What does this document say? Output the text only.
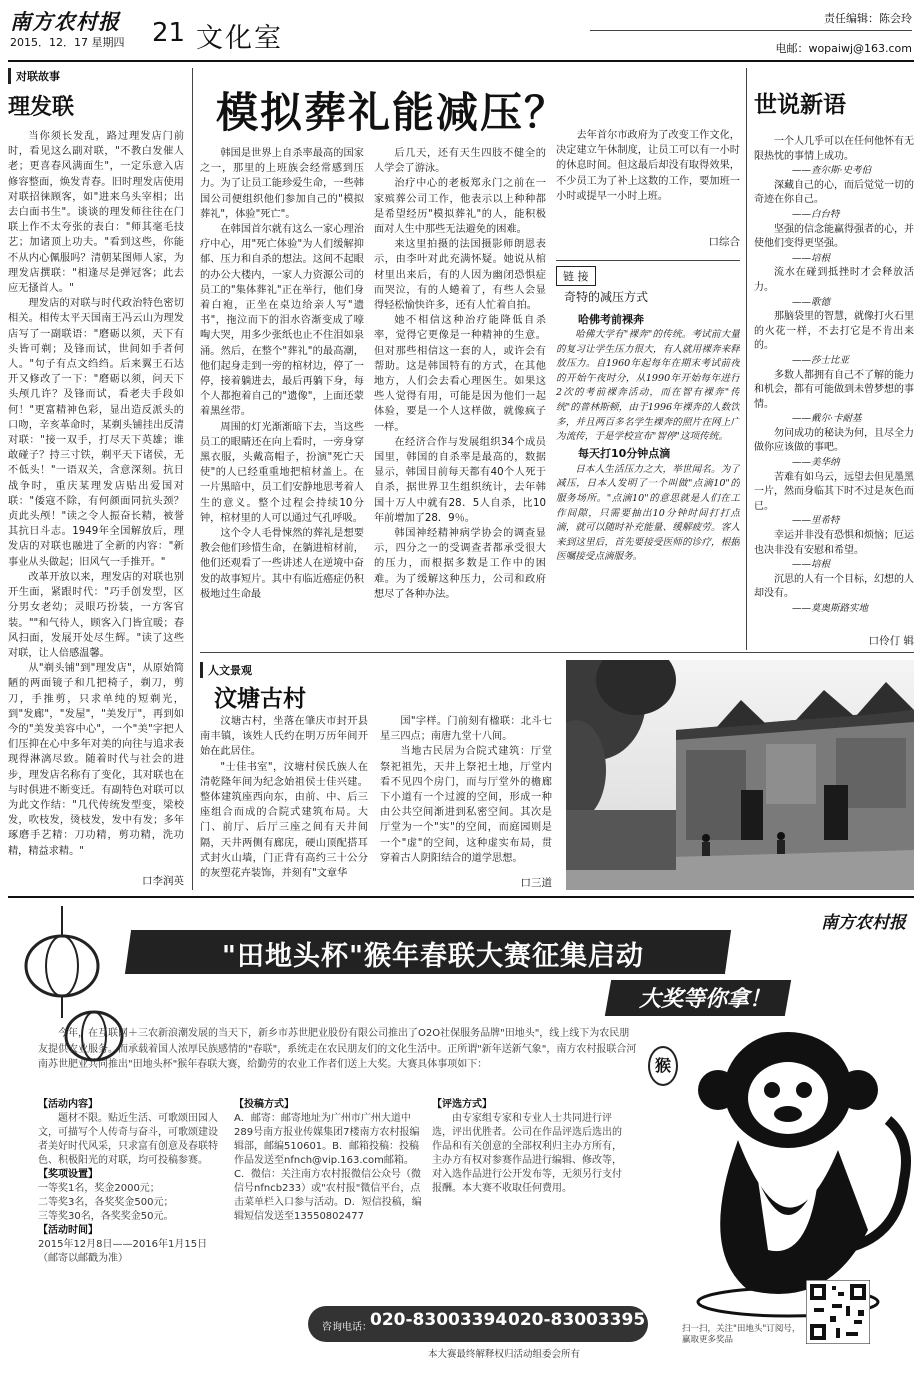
南方农村报
2015．12．17 星期四 21 文化室
责任编辑：陈会玲
电邮：wopaiwj@163.com
对联故事
理发联

当你须长发乱，路过理发店门前时，看见这么副对联，"不教白发催人老；更喜春风满面生"，一定乐意入店修容整面，焕发青春。旧时理发店使用对联招徕顾客，如"进来乌头宰相；出去白面书生"。谈谈的理发师往往在门联上作不太夸张的表白："师其毫毛技艺；加诸顶上功夫。"看到这些，你能不从内心佩服吗？清朝某图师人家，为理发店撰联："相逢尽是弹冠客；此去应无搔首人。"

理发店的对联与时代政治特色密切相关。相传太平天国南王冯云山为理发店写了一副联语："磨砺以须，天下有头皆可剃；及锋而试，世间如手者何人。"句子有点文绉绉。后来翼王石达开又修改了一下："磨砺以须，问天下头颅几许？及锋而试，看老夫手段如何！"更富精神色彩，显出造反派头的口吻，辛亥革命时，某剃头铺挂出反清对联："接一双手，打尽天下英雄；谁敢碰子？持三寸铁，剃平天下诸侯，无不低头！"一语双关，含意深刻。抗日战争时，重庆某理发店贴出爱国对联："倭寇不除，有何颜面同抗头颈？贞此头颅！"读之令人振奋长精，被誉其抗日斗志。1949年全国解放后，理发店的对联也融进了全新的内容："新事业从头做起；旧风气一手推开。"

改革开放以来，理发店的对联也别开生面，紧跟时代："巧手创发型，区分男女老幼；灵眼巧扮装，一方客官装。""和气待人，顾客入门皆宜暖；春风扫面，发展开处尽生辉。"读了这些对联，让人倍感温馨。

从"剃头铺"到"理发店"，从原始简陋的两面镜子和几把椅子，剃刀，剪刀，手推剪，只求单纯的短剃光，到"发廊"，"发屋"，"美发厅"，再到如今的"美发美容中心"，一个"美"字把人们压抑在心中多年对美的向往与追求表现得淋漓尽致。随着时代与社会的进步，理发店名称有了变化，其对联也在与时俱进不断变迁。有副特色对联可以为此文作结："几代传统发型变，梁校发，吹枝发，烫枝发，发中有发；多年琢磨手艺精：刀功精，剪功精，洗功精，精益求精。"

口李润英
模拟葬礼能减压？

韩国是世界上自杀率最高的国家之一，那里的上班族会经常感到压力。为了让员工能珍爱生命，一些韩国公司便组织他们参加自己的"模拟葬礼"，体验"死亡"。

在韩国首尔就有这么一家心理治疗中心，用"死亡体验"为人们缓解抑郁、压力和自杀的想法。这间不起眼的办公大楼内，一家人力资源公司的员工的"集体葬礼"正在举行，他们身着白袍，正坐在桌边给亲人写"遗书"，拖泣而下的泪水咨渐变成了嚎啕大哭，用多少张纸也止不住泪如泉涌。然后，在整个"葬礼"的最高潮，他们起身走到一旁的棺材边，停了一停，接着躺进去，最后再躺下身，每个人都抱着自己的"遗像"，上面还蒙着黑丝带。

周围的灯光渐渐暗下去，当这些员工的眼睛还在向上看时，一旁身穿黑衣服，头戴高帽子，扮演"死亡天使"的人已经重重地把棺材盖上。在一片黑暗中，员工们安静地思考着人生的意义。整个过程会持续10分钟，棺材里的人可以通过气孔呼吸。

这个令人毛骨悚然的葬礼是想要教会他们珍惜生命，在躺进棺材前，他们还观看了一些讲述人在逆境中奋发的故事短片。其中有临近癌症仍积极地过生命最

后几天，还有天生四肢不健全的人学会了游泳。

治疗中心的老板郑永门之前在一家殡葬公司工作，他表示以上种种都是希望经历"模拟葬礼"的人，能积极面对人生中那些无法避免的困难。

来这里拍摄的法国摄影师朗恩表示，由李叶对此充满怀疑。她说从棺材里出来后，有的人因为幽闭恐惧症而哭泣，有的人蜷着了，有些人会显得轻松愉快许多，还有人忙着自拍。

她不相信这种治疗能降低自杀率，觉得它更像是一种精神的生意。但对那些相信这一套的人，或许会有帮助。这是韩国特有的方式，在其他地方，人们会去看心理医生。如果这些人觉得有用，可能是因为他们一起体验，要是一个人这样做，就像疯子一样。

在经济合作与发展组织34个成员国里，韩国的自杀率是最高的，数据显示，韩国目前每天都有40个人死于自杀，据世界卫生组织统计，去年韩国十万人中就有28．5人自杀，比10年前增加了28．9％。

韩国神经精神病学协会的调查显示，四分之一的受调查者都承受很大的压力，而根据多数是工作中的困难。为了缓解这种压力，公司和政府想尽了各种办法。

去年首尔市政府为了改变工作文化，决定建立午休制度，让员工可以有一小时的休息时间。但这最后却没有取得效果，不少员工为了补上这数的工作，要加班一小时或提早一小时上班。
口综合
链 接
奇特的减压方式
哈佛考前裸奔
哈佛大学有"裸奔"的传统。考试前大量的复习让学生压力很大，有人就用裸奔来释放压力。自1960年起每年在期末考试前夜的开始午夜时分，从1990年开始每年进行2次的考前裸奔活动，而在智有裸奔"传统"的普林斯顿，由于1996年裸奔的人数饮多，并且两百多名学生裸奔的照片在网上广为流传，于是学校宣布"智停"这项传统。
每天打10分钟点滴
日本人生活压力之大，举世闻名。为了减压，日本人发明了一个叫做"点滴10"的服务场所。"点滴10"的意思就是人们在工作间隙，只需要抽出10分钟时间打打点滴，就可以随时补充能量、缓解疲劳。客人来到这里后，首先要接受医师的诊疗，根据医嘱接受点滴服务。
世说新语
一个人几乎可以在任何他怀有无限热忱的事情上成功。
——查尔斯·史考伯
深藏自己的心，而后觉觉一切的奇迹在你自己。
——白台特
坚强的信念能赢得强者的心，并使他们变得更坚强。
——培根
流水在碰到抵挫时才会释放活力。
——歌德
那脑袋里的智慧，就像打火石里的火花一样，不去打它是不肯出来的。
——莎士比亚
多数人都拥有自己不了解的能力和机会，都有可能做到未曾梦想的事情。
——戴尔·卡耐基
勿问成功的秘诀为何，且尽全力做你应该做的事吧。
——美华纳
苦难有如乌云，远望去但见墨黑一片，然而身临其下时不过是灰色而已。
——里希特
幸运并非没有恐惧和烦恼；厄运也决非没有安慰和希望。
——培根
沉思的人有一个目标，幻想的人却没有。
——莫奥斯路实地
口伶仃 辑
人文景观
汶塘古村

汶塘古村，坐落在肇庆市封开县南丰镇，该姓人氏约在明万历年间开始在此居住。

"士佳书室"，汶塘村侯氏族人在清乾隆年间为纪念始祖侯士佳兴建。整体建筑座西向东，由前、中、后三座组合而成的合院式建筑布局。大门、前厅、后厅三座之间有天井间隔，天井两侧有廊庑，硬山顶配搭耳式封火山墙，门正背有高约三十公分的灰塑花卉装饰，并刻有"文章华

国"字样。门前刻有楹联：北斗七星三四点；南唐九堂十八间。

当地古民居为合院式建筑：厅堂祭祀祖先，天井上祭祀土地，厅堂内看不见四个房门，而与厅堂外的檐廊下小道有一个过渡的空间，形成一种由公共空间渐进到私密空间。其次是厅堂为一个"实"的空间，而庭园则是一个"虚"的空间，这种虚实布局，贯穿着古人阴阳结合的道学思想。

口三道
南方农村报
"田地头杯"猴年春联大赛征集启动
大奖等你拿！
今年，在互联网＋三农新浪潮发展的当天下，新乡市苏世肥业股份有限公司推出了O2O社保服务品牌"田地头"，线上线下为农民朋友提供农业服务。而承载着国人浓厚民族感情的"春联"，系统走在农民朋友们的文化生活中。正所谓"新年送新气象"，南方农村报联合河南苏世肥业共同推出"田地头杯"猴年春联大赛，给勤劳的农业工作者们送上大奖。大赛具体事项如下：	猴
【活动内容】
题材不限。贴近生活、可歌颂田园人文，可描写个人传奇与奋斗，可歌颂建设者美好时代风采，只求富有创意及春联特色、积极阳光的对联，均可投稿参赛。
【奖项设置】
一等奖1名，奖金2000元；
二等奖3名，各奖奖金500元；
三等奖30名，各奖奖金50元。
【活动时间】
2015年12月8日——2016年1月15日（邮寄以邮戳为准）
【投稿方式】
A．邮寄：邮寄地址为广州市广州大道中289号南方报业传媒集团7楼南方农村报编辑部，邮编510601。B．邮箱投稿：投稿作品发送至nfnch@vip.163.com邮箱。C．微信：关注南方农村报微信公众号（微信号nfncb233）或"农村报"微信平台，点击菜单栏入口参与活动。D．短信投稿，编辑短信发送至13550802477
【评选方式】
由专家组专家和专业人士共同进行评选，评出优胜者。公司在作品评选后选出的作品和有关创意的全部权利归主办方所有，主办方有权对参赛作品进行编辑、修改等，对入选作品进行公开发布等，无须另行支付报酬。本大赛不收取任何费用。
咨询电话：
020-83003394 020-83003395
本大赛最终解释权归活动组委会所有
扫一扫，关注"田地头"订阅号，赢取更多奖品
